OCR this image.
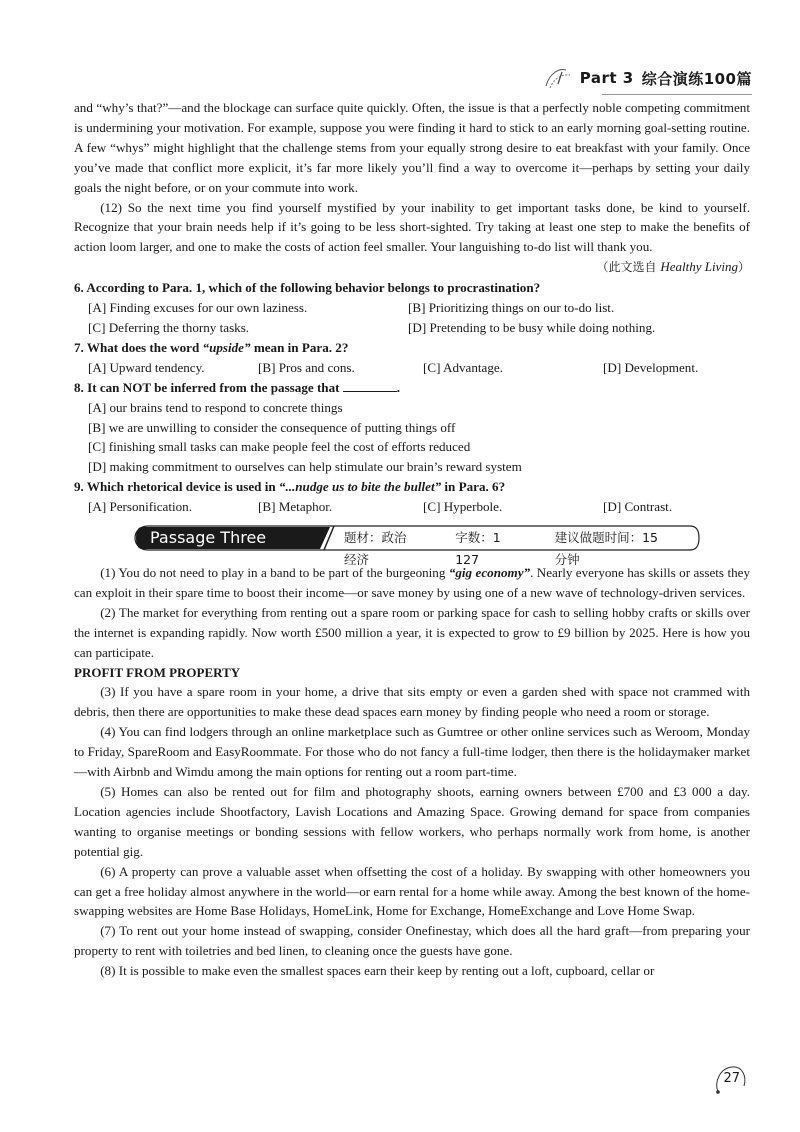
Part 3 综合演练100篇

and “why’s that?”—and the blockage can surface quite quickly. Often, the issue is that a perfectly noble competing commitment is undermining your motivation. For example, suppose you were finding it hard to stick to an early morning goal-setting routine. A few “whys” might highlight that the challenge stems from your equally strong desire to eat breakfast with your family. Once you’ve made that conflict more explicit, it’s far more likely you’ll find a way to overcome it—perhaps by setting your daily goals the night before, or on your commute into work.

(12) So the next time you find yourself mystified by your inability to get important tasks done, be kind to yourself. Recognize that your brain needs help if it’s going to be less short-sighted. Try taking at least one step to make the benefits of action loom larger, and one to make the costs of action feel smaller. Your languishing to-do list will thank you.

（此文选自 Healthy Living）

6. According to Para. 1, which of the following behavior belongs to procrastination?

[A] Finding excuses for our own laziness.	[B] Prioritizing things on our to-do list.
[C] Deferring the thorny tasks.	[D] Pretending to be busy while doing nothing.

7. What does the word “upside” mean in Para. 2?

[A] Upward tendency.	[B] Pros and cons.	[C] Advantage.	[D] Development.

8. It can NOT be inferred from the passage that	.

[A] our brains tend to respond to concrete things
[B] we are unwilling to consider the consequence of putting things off
[C] finishing small tasks can make people feel the cost of efforts reduced
[D] making commitment to ourselves can help stimulate our brain’s reward system

9. Which rhetorical device is used in “...nudge us to bite the bullet” in Para. 6?

[A] Personification.	[B] Metaphor.	[C] Hyperbole.	[D] Contrast.
Passage Three	题材：政治经济
字数：1 127
建议做题时间：15分钟

(1) You do not need to play in a band to be part of the burgeoning “gig economy”. Nearly everyone has skills or assets they can exploit in their spare time to boost their income—or save money by using one of a new wave of technology-driven services.

(2) The market for everything from renting out a spare room or parking space for cash to selling hobby crafts or skills over the internet is expanding rapidly. Now worth £500 million a year, it is expected to grow to £9 billion by 2025. Here is how you can participate.

PROFIT FROM PROPERTY

(3) If you have a spare room in your home, a drive that sits empty or even a garden shed with space not crammed with debris, then there are opportunities to make these dead spaces earn money by finding people who need a room or storage.

(4) You can find lodgers through an online marketplace such as Gumtree or other online services such as Weroom, Monday to Friday, SpareRoom and EasyRoommate. For those who do not fancy a full-time lodger, then there is the holidaymaker market—with Airbnb and Wimdu among the main options for renting out a room part-time.

(5) Homes can also be rented out for film and photography shoots, earning owners between £700 and £3 000 a day. Location agencies include Shootfactory, Lavish Locations and Amazing Space. Growing demand for space from companies wanting to organise meetings or bonding sessions with fellow workers, who perhaps normally work from home, is another potential gig.

(6) A property can prove a valuable asset when offsetting the cost of a holiday. By swapping with other homeowners you can get a free holiday almost anywhere in the world—or earn rental for a home while away. Among the best known of the home-swapping websites are Home Base Holidays, HomeLink, Home for Exchange, HomeExchange and Love Home Swap.

(7) To rent out your home instead of swapping, consider Onefinestay, which does all the hard graft—from preparing your property to rent with toiletries and bed linen, to cleaning once the guests have gone.

(8) It is possible to make even the smallest spaces earn their keep by renting out a loft, cupboard, cellar or

27
